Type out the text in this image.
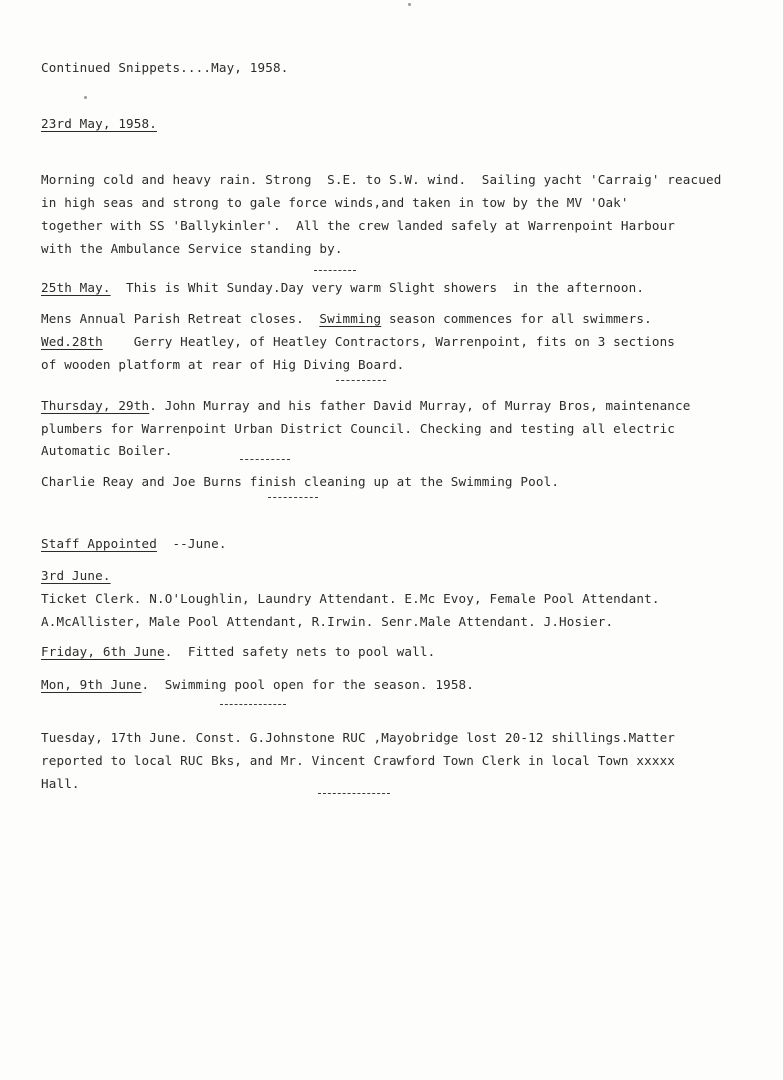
Continued Snippets....May, 1958.
23rd May, 1958.
Morning cold and heavy rain. Strong  S.E. to S.W. wind.  Sailing yacht 'Carraig' reacued
in high seas and strong to gale force winds,and taken in tow by the MV 'Oak'
together with SS 'Ballykinler'.  All the crew landed safely at Warrenpoint Harbour
with the Ambulance Service standing by.
25th May.  This is Whit Sunday.Day very warm Slight showers  in the afternoon.
Mens Annual Parish Retreat closes.  Swimming season commences for all swimmers.
Wed.28th    Gerry Heatley, of Heatley Contractors, Warrenpoint, fits on 3 sections
of wooden platform at rear of Hig Diving Board.
Thursday, 29th. John Murray and his father David Murray, of Murray Bros, maintenance
plumbers for Warrenpoint Urban District Council. Checking and testing all electric
Automatic Boiler.
Charlie Reay and Joe Burns finish cleaning up at the Swimming Pool.
Staff Appointed  --June.
3rd June.
Ticket Clerk. N.O'Loughlin, Laundry Attendant. E.Mc Evoy, Female Pool Attendant.
A.McAllister, Male Pool Attendant, R.Irwin. Senr.Male Attendant. J.Hosier.
Friday, 6th June.  Fitted safety nets to pool wall.
Mon, 9th June.  Swimming pool open for the season. 1958.
Tuesday, 17th June. Const. G.Johnstone RUC ,Mayobridge lost 20-12 shillings.Matter
reported to local RUC Bks, and Mr. Vincent Crawford Town Clerk in local Town xxxxx
Hall.
